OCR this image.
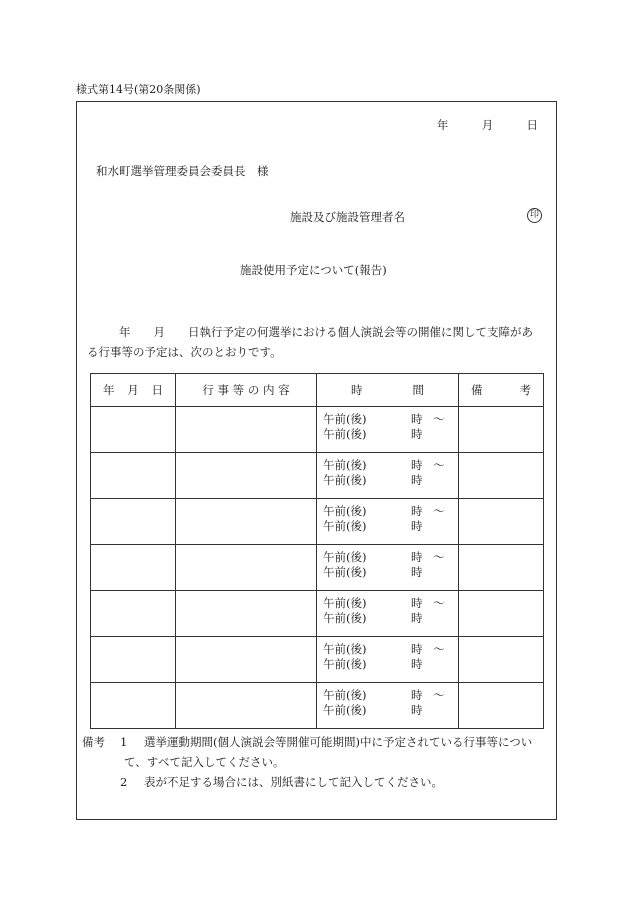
様式第14号(第20条関係)
年	月	日
和水町選挙管理委員会委員長　様
施設及び施設管理者名	印
施設使用予定について(報告)
年　　月　　日執行予定の何選挙における個人演説会等の開催に関して支障があ
る行事等の予定は、次のとおりです。
年 月 日	行 事 等 の 内 容	時 間	備 考

		午前(後) 時 ～
午前(後) 時	

		午前(後) 時 ～
午前(後) 時	

		午前(後) 時 ～
午前(後) 時	

		午前(後) 時 ～
午前(後) 時	

		午前(後) 時 ～
午前(後) 時	

		午前(後) 時 ～
午前(後) 時	

		午前(後) 時 ～
午前(後) 時	

備考	1	選挙運動期間(個人演説会等開催可能期間)中に予定されている行事等につい
て、すべて記入してください。
2	表が不足する場合には、別紙書にして記入してください。
